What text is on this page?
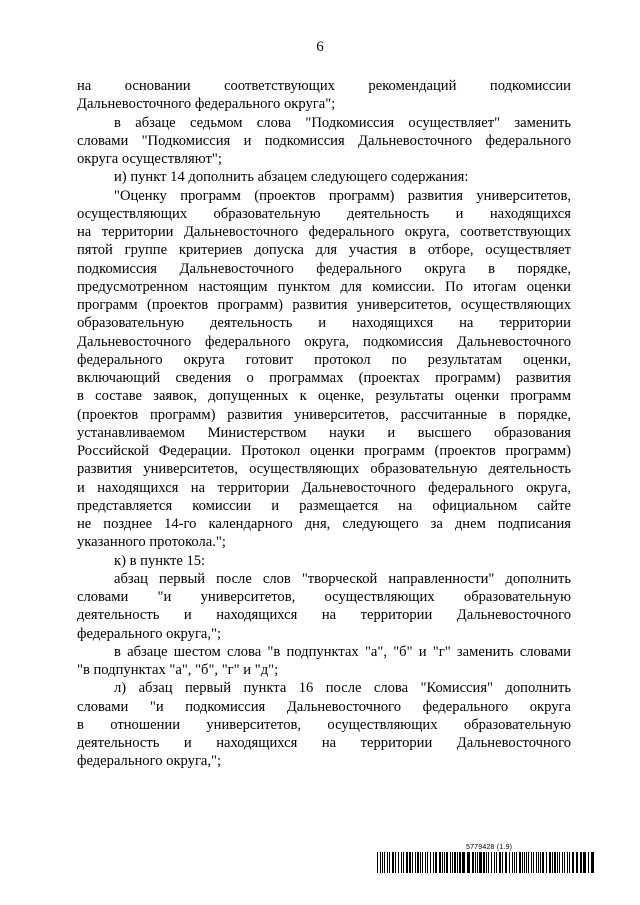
6
на основании соответствующих рекомендаций подкомиссии
Дальневосточного федерального округа";
в абзаце седьмом слова "Подкомиссия осуществляет" заменить
словами "Подкомиссия и подкомиссия Дальневосточного федерального
округа осуществляют";
и) пункт 14 дополнить абзацем следующего содержания:
"Оценку программ (проектов программ) развития университетов,
осуществляющих образовательную деятельность и находящихся
на территории Дальневосточного федерального округа, соответствующих
пятой группе критериев допуска для участия в отборе, осуществляет
подкомиссия Дальневосточного федерального округа в порядке,
предусмотренном настоящим пунктом для комиссии. По итогам оценки
программ (проектов программ) развития университетов, осуществляющих
образовательную деятельность и находящихся на территории
Дальневосточного федерального округа, подкомиссия Дальневосточного
федерального округа готовит протокол по результатам оценки,
включающий сведения о программах (проектах программ) развития
в составе заявок, допущенных к оценке, результаты оценки программ
(проектов программ) развития университетов, рассчитанные в порядке,
устанавливаемом Министерством науки и высшего образования
Российской Федерации. Протокол оценки программ (проектов программ)
развития университетов, осуществляющих образовательную деятельность
и находящихся на территории Дальневосточного федерального округа,
представляется комиссии и размещается на официальном сайте
не позднее 14-го календарного дня, следующего за днем подписания
указанного протокола.";
к) в пункте 15:
абзац первый после слов "творческой направленности" дополнить
словами "и университетов, осуществляющих образовательную
деятельность и находящихся на территории Дальневосточного
федерального округа,";
в абзаце шестом слова "в подпунктах "а", "б" и "г" заменить словами
"в подпунктах "а", "б", "г" и "д";
л) абзац первый пункта 16 после слова "Комиссия" дополнить
словами "и подкомиссия Дальневосточного федерального округа
в отношении университетов, осуществляющих образовательную
деятельность и находящихся на территории Дальневосточного
федерального округа,";
5779428 (1.9)
